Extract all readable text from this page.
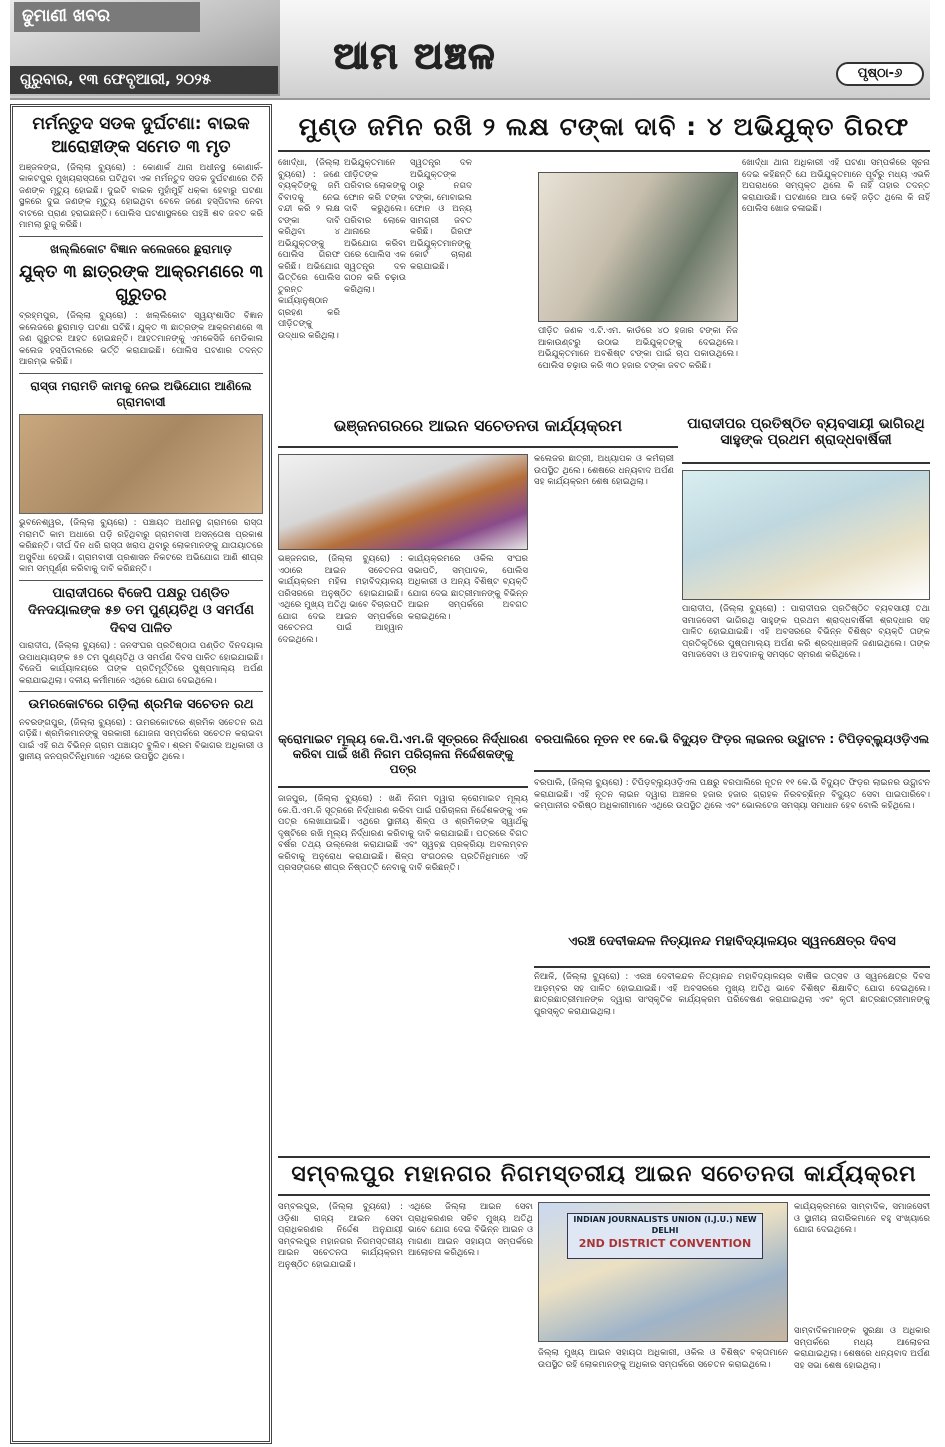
ଢୁମାଣୀ ଖବର
ଗୁରୁବାର, ୧୩ ଫେବୃଆରୀ, ୨୦୨୫
ଆମ ଅଞ୍ଚଳ	ପୃଷ୍ଠା-୬
ମର୍ମନ୍ତୁଦ ସଡକ ଦୁର୍ଘଟଣା: ବାଇକ ଆରୋହୀଙ୍କ ସମେତ ୩ ମୃତ

ଅଞ୍ଜଳଙ୍ଗ, (ଜିଲ୍ଲା ବ୍ୟୁରୋ) : କୋଣାର୍କ ଥାନା ଅଧୀନସ୍ଥ କୋଣାର୍କ-କାକଟପୁର ମୁଖ୍ୟରାସ୍ତାରେ ଘଟିଥିବା ଏକ ମର୍ମନ୍ତୁଦ ସଡକ ଦୁର୍ଘଟଣାରେ ତିନି ଜଣଙ୍କ ମୃତ୍ୟୁ ହୋଇଛି। ଦୁଇଟି ବାଇକ ମୁହାଁମୁହିଁ ଧକ୍କା ହେବାରୁ ଘଟଣା ସ୍ଥଳରେ ଦୁଇ ଜଣଙ୍କ ମୃତ୍ୟୁ ହୋଇଥିବା ବେଳେ ଜଣେ ହସ୍ପିଟାଲ ନେବା ବାଟରେ ପ୍ରାଣ ହରାଇଛନ୍ତି। ପୋଲିସ ଘଟଣାସ୍ଥଳରେ ପହଞ୍ଚି ଶବ ଜବତ କରି ମାମଲା ରୁଜୁ କରିଛି।

ଖଲ୍ଲିକୋଟ ବିଜ୍ଞାନ କଲେଜରେ ଛୁରାମାଡ଼
ଯୁକ୍ତ ୩ ଛାତ୍ରଙ୍କ ଆକ୍ରମଣରେ ୩ ଗୁରୁତର

ବ୍ରହ୍ମପୁର, (ଜିଲ୍ଲା ବ୍ୟୁରୋ) : ଖଲ୍ଲିକୋଟ ସ୍ୱୟଂଶାସିତ ବିଜ୍ଞାନ କଲେଜରେ ଛୁରାମାଡ଼ ଘଟଣା ଘଟିଛି। ଯୁକ୍ତ ୩ ଛାତ୍ରଙ୍କ ଆକ୍ରମଣରେ ୩ ଜଣ ଗୁରୁତର ଆହତ ହୋଇଛନ୍ତି। ଆହତମାନଙ୍କୁ ଏମକେସିଜି ମେଡିକାଲ କଲେଜ ହସ୍ପିଟାଲରେ ଭର୍ତ୍ତି କରାଯାଇଛି। ପୋଲିସ ଘଟଣାର ତଦନ୍ତ ଆରମ୍ଭ କରିଛି।

ରାସ୍ତା ମରାମତି କାମକୁ ନେଇ ଅଭିଯୋଗ ଆଣିଲେ ଗ୍ରାମବାସୀ

ଭୁବନେଶ୍ୱର, (ଜିଲ୍ଲା ବ୍ୟୁରୋ) : ପଞ୍ଚାୟତ ଅଧୀନସ୍ଥ ଗ୍ରାମରେ ରାସ୍ତା ମରାମତି କାମ ଅଧାରେ ପଡ଼ି ରହିଥିବାରୁ ଗ୍ରାମବାସୀ ଅସନ୍ତୋଷ ପ୍ରକାଶ କରିଛନ୍ତି। ଦୀର୍ଘ ଦିନ ଧରି ରାସ୍ତା ଖରାପ ଥିବାରୁ ଲୋକମାନଙ୍କୁ ଯାତାୟାତରେ ଅସୁବିଧା ହେଉଛି। ଗ୍ରାମବାସୀ ପ୍ରଶାସନ ନିକଟରେ ଅଭିଯୋଗ ଆଣି ଶୀଘ୍ର କାମ ସମ୍ପୂର୍ଣ୍ଣ କରିବାକୁ ଦାବି କରିଛନ୍ତି।

ପାରାଦୀପରେ ବିଜେପି ପକ୍ଷରୁ ପଣ୍ଡିତ ଦିନଦୟାଲଙ୍କ ୫୭ ତମ ପୁଣ୍ୟତିଥି ଓ ସମର୍ପଣ ଦିବସ ପାଳିତ

ପାରାଦୀପ, (ଜିଲ୍ଲା ବ୍ୟୁରୋ) : ଜନସଂଘର ପ୍ରତିଷ୍ଠାତା ପଣ୍ଡିତ ଦିନଦୟାଲ ଉପାଧ୍ୟାୟଙ୍କ ୫୭ ତମ ପୁଣ୍ୟତିଥି ଓ ସମର୍ପଣ ଦିବସ ପାଳିତ ହୋଇଯାଇଛି। ବିଜେପି କାର୍ଯ୍ୟାଳୟରେ ତାଙ୍କ ପ୍ରତିମୂର୍ତ୍ତିରେ ପୁଷ୍ପମାଲ୍ୟ ଅର୍ପଣ କରାଯାଇଥିଲା। ଦଳୀୟ କର୍ମୀମାନେ ଏଥିରେ ଯୋଗ ଦେଇଥିଲେ।

ଉମରକୋଟରେ ଗଡ଼ିଲା ଶ୍ରମିକ ସଚେତନ ରଥ

ନବରଙ୍ଗପୁର, (ଜିଲ୍ଲା ବ୍ୟୁରୋ) : ଉମରକୋଟରେ ଶ୍ରମିକ ସଚେତନ ରଥ ଗଡ଼ିଛି। ଶ୍ରମିକମାନଙ୍କୁ ସରକାରୀ ଯୋଜନା ସମ୍ପର୍କରେ ସଚେତନ କରାଇବା ପାଇଁ ଏହି ରଥ ବିଭିନ୍ନ ଗ୍ରାମ ପଞ୍ଚାୟତ ବୁଲିବ। ଶ୍ରମ ବିଭାଗର ଅଧିକାରୀ ଓ ସ୍ଥାନୀୟ ଜନପ୍ରତିନିଧିମାନେ ଏଥିରେ ଉପସ୍ଥିତ ଥିଲେ।

ମୁଣ୍ଡ ଜମିନ ରଖି ୨ ଲକ୍ଷ ଟଙ୍କା ଦାବି : ୪ ଅଭିଯୁକ୍ତ ଗିରଫ
ଖୋର୍ଦ୍ଧା, (ଜିଲ୍ଲା ବ୍ୟୁରୋ) : ଜଣେ ବ୍ୟକ୍ତିଙ୍କୁ ଜମି ବିବାଦକୁ ନେଇ ବନ୍ଦୀ କରି ୨ ଲକ୍ଷ ଟଙ୍କା ଦାବି କରିଥିବା ୪ ଅଭିଯୁକ୍ତଙ୍କୁ ପୋଲିସ ଗିରଫ କରିଛି। ଅଭିଯୋଗ ଭିତ୍ତିରେ ପୋଲିସ ତୁରନ୍ତ କାର୍ଯ୍ୟାନୁଷ୍ଠାନ ଗ୍ରହଣ କରି ପୀଡ଼ିତଙ୍କୁ ଉଦ୍ଧାର କରିଥିଲା।
ଅଭିଯୁକ୍ତମାନେ ପୀଡ଼ିତଙ୍କ ପରିବାର ଲୋକଙ୍କୁ ଫୋନ କରି ଟଙ୍କା ଦାବି କରୁଥିଲେ। ପରିବାର ଲୋକେ ଥାନାରେ ଅଭିଯୋଗ କରିବା ପରେ ପୋଲିସ ଏକ ସ୍ୱତନ୍ତ୍ର ଦଳ ଗଠନ କରି ଚଢ଼ାଉ କରିଥିଲା।
ସ୍ୱତନ୍ତ୍ର ଦଳ ଅଭିଯୁକ୍ତଙ୍କ ଠାରୁ ନଗଦ ଟଙ୍କା, ମୋବାଇଲ ଫୋନ ଓ ଅନ୍ୟ ସାମଗ୍ରୀ ଜବତ କରିଛି। ଗିରଫ ଅଭିଯୁକ୍ତମାନଙ୍କୁ କୋର୍ଟ ଚାଲାଣ କରାଯାଇଛି।
ପୀଡ଼ିତ ଜଣକ ଏ.ଟି.ଏମ. କାର୍ଡରେ ୪୦ ହଜାର ଟଙ୍କା ନିଜ ଆକାଉଣ୍ଟରୁ ଉଠାଇ ଅଭିଯୁକ୍ତଙ୍କୁ ଦେଇଥିଲେ। ଅଭିଯୁକ୍ତମାନେ ଅବଶିଷ୍ଟ ଟଙ୍କା ପାଇଁ ଚାପ ପକାଉଥିଲେ। ପୋଲିସ ଚଢ଼ାଉ କରି ୩୦ ହଜାର ଟଙ୍କା ଜବତ କରିଛି।
ଖୋର୍ଦ୍ଧା ଥାନା ଅଧିକାରୀ ଏହି ଘଟଣା ସମ୍ପର୍କରେ ସୂଚନା ଦେଇ କହିଛନ୍ତି ଯେ ଅଭିଯୁକ୍ତମାନେ ପୂର୍ବରୁ ମଧ୍ୟ ଏଭଳି ଅପରାଧରେ ସମ୍ପୃକ୍ତ ଥିଲେ କି ନାହିଁ ତାହାର ତଦନ୍ତ କରାଯାଉଛି। ଘଟଣାରେ ଆଉ କେହି ଜଡ଼ିତ ଥିଲେ କି ନାହିଁ ପୋଲିସ ଖୋଜ ଚଳାଇଛି।
ଭଞ୍ଜନଗରରେ ଆଇନ ସଚେତନତା କାର୍ଯ୍ୟକ୍ରମ
କଲେଜର ଛାତ୍ରୀ, ଅଧ୍ୟାପକ ଓ କର୍ମଚାରୀ ଉପସ୍ଥିତ ଥିଲେ। ଶେଷରେ ଧନ୍ୟବାଦ ଅର୍ପଣ ସହ କାର୍ଯ୍ୟକ୍ରମ ଶେଷ ହୋଇଥିଲା।
ଭଞ୍ଜନଗର, (ଜିଲ୍ଲା ବ୍ୟୁରୋ) : ଏଠାରେ ଆଇନ ସଚେତନତା କାର୍ଯ୍ୟକ୍ରମ ମହିଳା ମହାବିଦ୍ୟାଳୟ ପରିସରରେ ଅନୁଷ୍ଠିତ ହୋଇଯାଇଛି। ଏଥିରେ ମୁଖ୍ୟ ଅତିଥି ଭାବେ ବିଚାରପତି ଯୋଗ ଦେଇ ଆଇନ ସମ୍ପର୍କରେ ସଚେତନତା ପାଇଁ ଆହ୍ୱାନ ଦେଇଥିଲେ।
କାର୍ଯ୍ୟକ୍ରମରେ ଓକିଲ ସଂଘର ସଭାପତି, ସମ୍ପାଦକ, ପୋଲିସ ଅଧିକାରୀ ଓ ଅନ୍ୟ ବିଶିଷ୍ଟ ବ୍ୟକ୍ତି ଯୋଗ ଦେଇ ଛାତ୍ରୀମାନଙ୍କୁ ବିଭିନ୍ନ ଆଇନ ସମ୍ପର୍କରେ ଅବଗତ କରାଇଥିଲେ।
ପାରାଦୀପର ପ୍ରତିଷ୍ଠିତ ବ୍ୟବସାୟୀ ଭାଗିରଥି ସାହୁଙ୍କ ପ୍ରଥମ ଶ୍ରାଦ୍ଧବାର୍ଷିକୀ
ପାରାଦୀପ, (ଜିଲ୍ଲା ବ୍ୟୁରୋ) : ପାରାଦୀପର ପ୍ରତିଷ୍ଠିତ ବ୍ୟବସାୟୀ ତଥା ସମାଜସେବୀ ଭାଗିରଥି ସାହୁଙ୍କ ପ୍ରଥମ ଶ୍ରାଦ୍ଧବାର୍ଷିକୀ ଶ୍ରଦ୍ଧାର ସହ ପାଳିତ ହୋଇଯାଇଛି। ଏହି ଅବସରରେ ବିଭିନ୍ନ ବିଶିଷ୍ଟ ବ୍ୟକ୍ତି ତାଙ୍କ ପ୍ରତିକୃତିରେ ପୁଷ୍ପମାଲ୍ୟ ଅର୍ପଣ କରି ଶ୍ରଦ୍ଧାଞ୍ଜଳି ଜଣାଇଥିଲେ। ତାଙ୍କ ସମାଜସେବା ଓ ଅବଦାନକୁ ସମସ୍ତେ ସ୍ମରଣ କରିଥିଲେ।
କ୍ରୋମାଇଟ ମୂଲ୍ୟ କେ.ପି.ଏମ.ଜି ସୂତ୍ରରେ ନିର୍ଦ୍ଧାରଣ କରିବା ପାଇଁ ଖଣି ନିଗମ ପରିଚାଳନା ନିର୍ଦ୍ଦେଶକଙ୍କୁ ପତ୍ର
ଜାଜପୁର, (ଜିଲ୍ଲା ବ୍ୟୁରୋ) : ଖଣି ନିଗମ ଦ୍ୱାରା କ୍ରୋମାଇଟ ମୂଲ୍ୟ କେ.ପି.ଏମ.ଜି ସୂତ୍ରରେ ନିର୍ଦ୍ଧାରଣ କରିବା ପାଇଁ ପରିଚାଳନା ନିର୍ଦ୍ଦେଶକଙ୍କୁ ଏକ ପତ୍ର ଲେଖାଯାଇଛି। ଏଥିରେ ସ୍ଥାନୀୟ ଶିଳ୍ପ ଓ ଶ୍ରମିକଙ୍କ ସ୍ୱାର୍ଥକୁ ଦୃଷ୍ଟିରେ ରଖି ମୂଲ୍ୟ ନିର୍ଦ୍ଧାରଣ କରିବାକୁ ଦାବି କରାଯାଇଛି। ପତ୍ରରେ ବିଗତ ବର୍ଷର ତଥ୍ୟ ଉଲ୍ଲେଖ କରାଯାଇଛି ଏବଂ ସ୍ୱଚ୍ଛ ପ୍ରକ୍ରିୟା ଅବଲମ୍ବନ କରିବାକୁ ଅନୁରୋଧ କରାଯାଇଛି। ଶିଳ୍ପ ସଂଗଠନର ପ୍ରତିନିଧିମାନେ ଏହି ପ୍ରସଙ୍ଗରେ ଶୀଘ୍ର ନିଷ୍ପତ୍ତି ନେବାକୁ ଦାବି କରିଛନ୍ତି।
ବରପାଲିରେ ନୂତନ ୧୧ କେ.ଭି ବିଦ୍ୟୁତ ଫିଡ଼ର ଲାଇନର ଉଦ୍ଘାଟନ : ଟିପିଡ଼ବ୍ଲ୍ୟୁଓଡ଼ିଏଲ
ବରପାଲି, (ଜିଲ୍ଲା ବ୍ୟୁରୋ) : ଟିପିଡ଼ବ୍ଲ୍ୟୁଓଡ଼ିଏଲ ପକ୍ଷରୁ ବରପାଲିରେ ନୂତନ ୧୧ କେ.ଭି ବିଦ୍ୟୁତ ଫିଡ଼ର ଲାଇନର ଉଦ୍ଘାଟନ କରାଯାଇଛି। ଏହି ନୂତନ ଲାଇନ ଦ୍ୱାରା ଅଞ୍ଚଳର ହଜାର ହଜାର ଗ୍ରାହକ ନିରବଚ୍ଛିନ୍ନ ବିଦ୍ୟୁତ ସେବା ପାଇପାରିବେ। କମ୍ପାନୀର ବରିଷ୍ଠ ଅଧିକାରୀମାନେ ଏଥିରେ ଉପସ୍ଥିତ ଥିଲେ ଏବଂ ଭୋଲଟେଜ ସମସ୍ୟା ସମାଧାନ ହେବ ବୋଲି କହିଥିଲେ।
ଏରଞ୍ଚ ଦେବୀକନ୍ଦଳ ନିତ୍ୟାନନ୍ଦ ମହାବିଦ୍ୟାଳୟର ସ୍ୱନକ୍ଷେତ୍ର ଦିବସ
ନିଆଳି, (ଜିଲ୍ଲା ବ୍ୟୁରୋ) : ଏରଞ୍ଚ ଦେବୀକନ୍ଦଳ ନିତ୍ୟାନନ୍ଦ ମହାବିଦ୍ୟାଳୟର ବାର୍ଷିକ ଉତ୍ସବ ଓ ସ୍ୱନକ୍ଷେତ୍ର ଦିବସ ଆଡ଼ମ୍ବର ସହ ପାଳିତ ହୋଇଯାଇଛି। ଏହି ଅବସରରେ ମୁଖ୍ୟ ଅତିଥି ଭାବେ ବିଶିଷ୍ଟ ଶିକ୍ଷାବିତ୍ ଯୋଗ ଦେଇଥିଲେ। ଛାତ୍ରଛାତ୍ରୀମାନଙ୍କ ଦ୍ୱାରା ସାଂସ୍କୃତିକ କାର୍ଯ୍ୟକ୍ରମ ପରିବେଷଣ କରାଯାଇଥିଲା ଏବଂ କୃତୀ ଛାତ୍ରଛାତ୍ରୀମାନଙ୍କୁ ପୁରସ୍କୃତ କରାଯାଇଥିଲା।
ସମ୍ବଲପୁର ମହାନଗର ନିଗମସ୍ତରୀୟ ଆଇନ ସଚେତନତା କାର୍ଯ୍ୟକ୍ରମ
ସମ୍ବଲପୁର, (ଜିଲ୍ଲା ବ୍ୟୁରୋ) : ଓଡ଼ିଶା ରାଜ୍ୟ ଆଇନ ସେବା ପ୍ରାଧିକରଣର ନିର୍ଦ୍ଦେଶ ଅନୁଯାୟୀ ସମ୍ବଲପୁର ମହାନଗର ନିଗମସ୍ତରୀୟ ଆଇନ ସଚେତନତା କାର୍ଯ୍ୟକ୍ରମ ଅନୁଷ୍ଠିତ ହୋଇଯାଇଛି।
ଏଥିରେ ଜିଲ୍ଲା ଆଇନ ସେବା ପ୍ରାଧିକରଣର ସଚିବ ମୁଖ୍ୟ ଅତିଥି ଭାବେ ଯୋଗ ଦେଇ ବିଭିନ୍ନ ଆଇନ ଓ ମାଗଣା ଆଇନ ସହାୟତା ସମ୍ପର୍କରେ ଆଲୋଚନା କରିଥିଲେ।
INDIAN JOURNALISTS UNION (I.J.U.) NEW DELHI
2ND DISTRICT CONVENTION
ଜିଲ୍ଲା ମୁଖ୍ୟ ଆଇନ ସହାୟତା ଅଧିକାରୀ, ଓକିଲ ଓ ବିଶିଷ୍ଟ ବକ୍ତାମାନେ ଉପସ୍ଥିତ ରହି ଲୋକମାନଙ୍କୁ ଅଧିକାର ସମ୍ପର୍କରେ ସଚେତନ କରାଇଥିଲେ।
କାର୍ଯ୍ୟକ୍ରମରେ ସାମ୍ବାଦିକ, ସମାଜସେବୀ ଓ ସ୍ଥାନୀୟ ନାଗରିକମାନେ ବହୁ ସଂଖ୍ୟାରେ ଯୋଗ ଦେଇଥିଲେ।
ସାମ୍ବାଦିକମାନଙ୍କ ସୁରକ୍ଷା ଓ ଅଧିକାର ସମ୍ପର୍କରେ ମଧ୍ୟ ଆଲୋଚନା କରାଯାଇଥିଲା। ଶେଷରେ ଧନ୍ୟବାଦ ଅର୍ପଣ ସହ ସଭା ଶେଷ ହୋଇଥିଲା।
